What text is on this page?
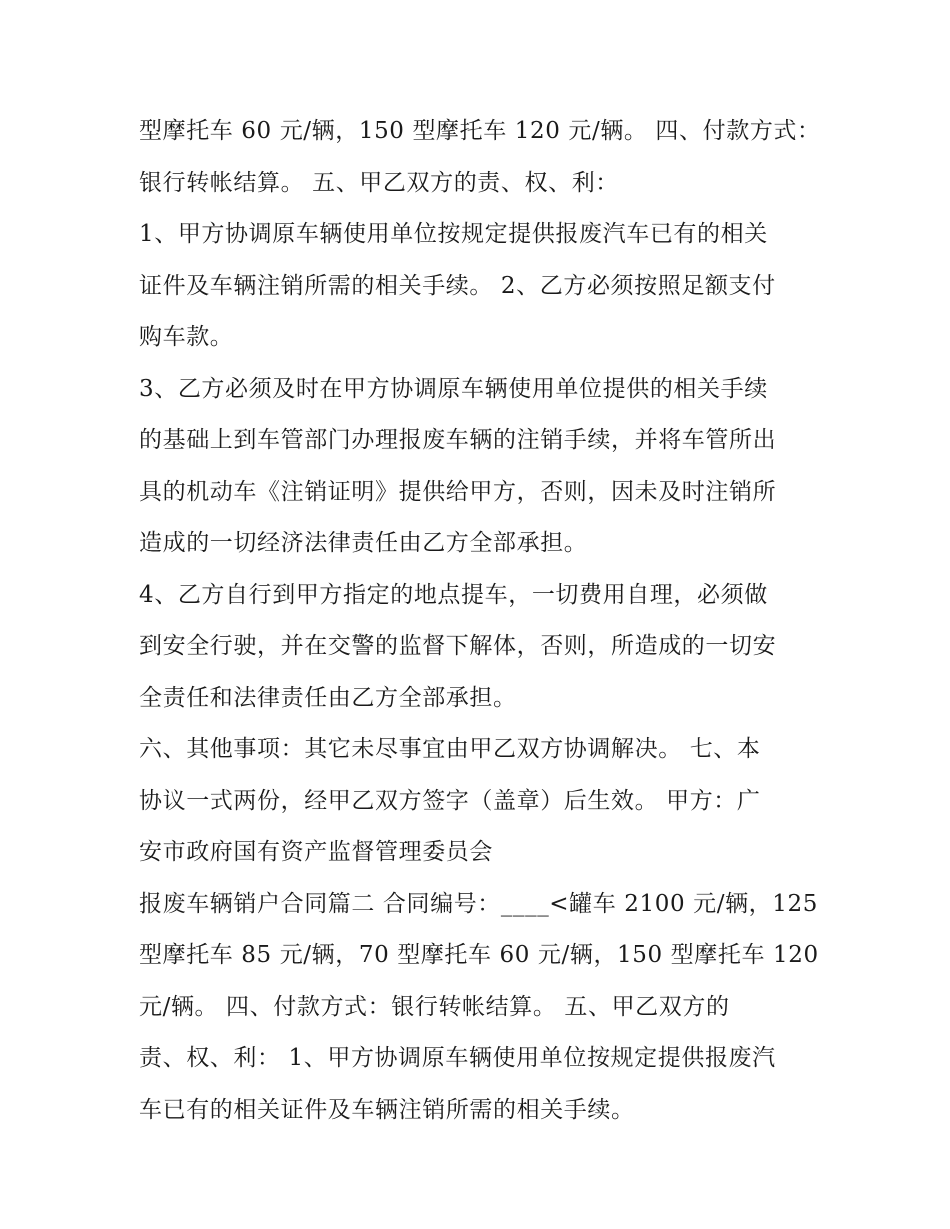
型摩托车 60 元/辆，150 型摩托车 120 元/辆。 四、付款方式：
银行转帐结算。 五、甲乙双方的责、权、利：
1、甲方协调原车辆使用单位按规定提供报废汽车已有的相关
证件及车辆注销所需的相关手续。 2、乙方必须按照足额支付
购车款。
3、乙方必须及时在甲方协调原车辆使用单位提供的相关手续
的基础上到车管部门办理报废车辆的注销手续，并将车管所出
具的机动车《注销证明》提供给甲方，否则，因未及时注销所
造成的一切经济法律责任由乙方全部承担。
4、乙方自行到甲方指定的地点提车，一切费用自理，必须做
到安全行驶，并在交警的监督下解体，否则，所造成的一切安
全责任和法律责任由乙方全部承担。
六、其他事项：其它未尽事宜由甲乙双方协调解决。 七、本
协议一式两份，经甲乙双方签字（盖章）后生效。 甲方：广
安市政府国有资产监督管理委员会
报废车辆销户合同篇二 合同编号：____<罐车 2100 元/辆，125
型摩托车 85 元/辆，70 型摩托车 60 元/辆，150 型摩托车 120
元/辆。 四、付款方式：银行转帐结算。 五、甲乙双方的
责、权、利： 1、甲方协调原车辆使用单位按规定提供报废汽
车已有的相关证件及车辆注销所需的相关手续。
